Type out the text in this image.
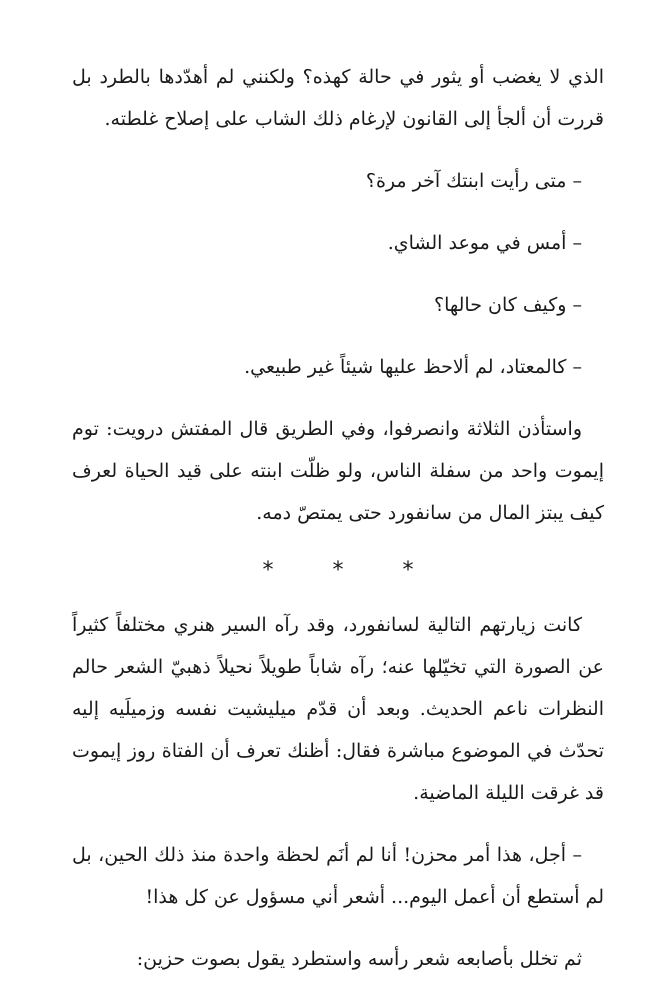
الذي لا يغضب أو يثور في حالة كهذه؟ ولكنني لم أهدّدها بالطرد بل قررت أن ألجأ إلى القانون لإرغام ذلك الشاب على إصلاح غلطته.

– متى رأيت ابنتك آخر مرة؟

– أمس في موعد الشاي.

– وكيف كان حالها؟

– كالمعتاد، لم ألاحظ عليها شيئاً غير طبيعي.

واستأذن الثلاثة وانصرفوا، وفي الطريق قال المفتش درويت: توم إيموت واحد من سفلة الناس، ولو ظلّت ابنته على قيد الحياة لعرف كيف يبتز المال من سانفورد حتى يمتصّ دمه.

* * *

كانت زيارتهم التالية لسانفورد، وقد رآه السير هنري مختلفاً كثيراً عن الصورة التي تخيّلها عنه؛ رآه شاباً طويلاً نحيلاً ذهبيّ الشعر حالم النظرات ناعم الحديث. وبعد أن قدّم ميليشيت نفسه وزميلَيه إليه تحدّث في الموضوع مباشرة فقال: أظنك تعرف أن الفتاة روز إيموت قد غرقت الليلة الماضية.

– أجل، هذا أمر محزن! أنا لم أنَم لحظة واحدة منذ ذلك الحين، بل لم أستطع أن أعمل اليوم... أشعر أني مسؤول عن كل هذا!

ثم تخلل بأصابعه شعر رأسه واستطرد يقول بصوت حزين:
